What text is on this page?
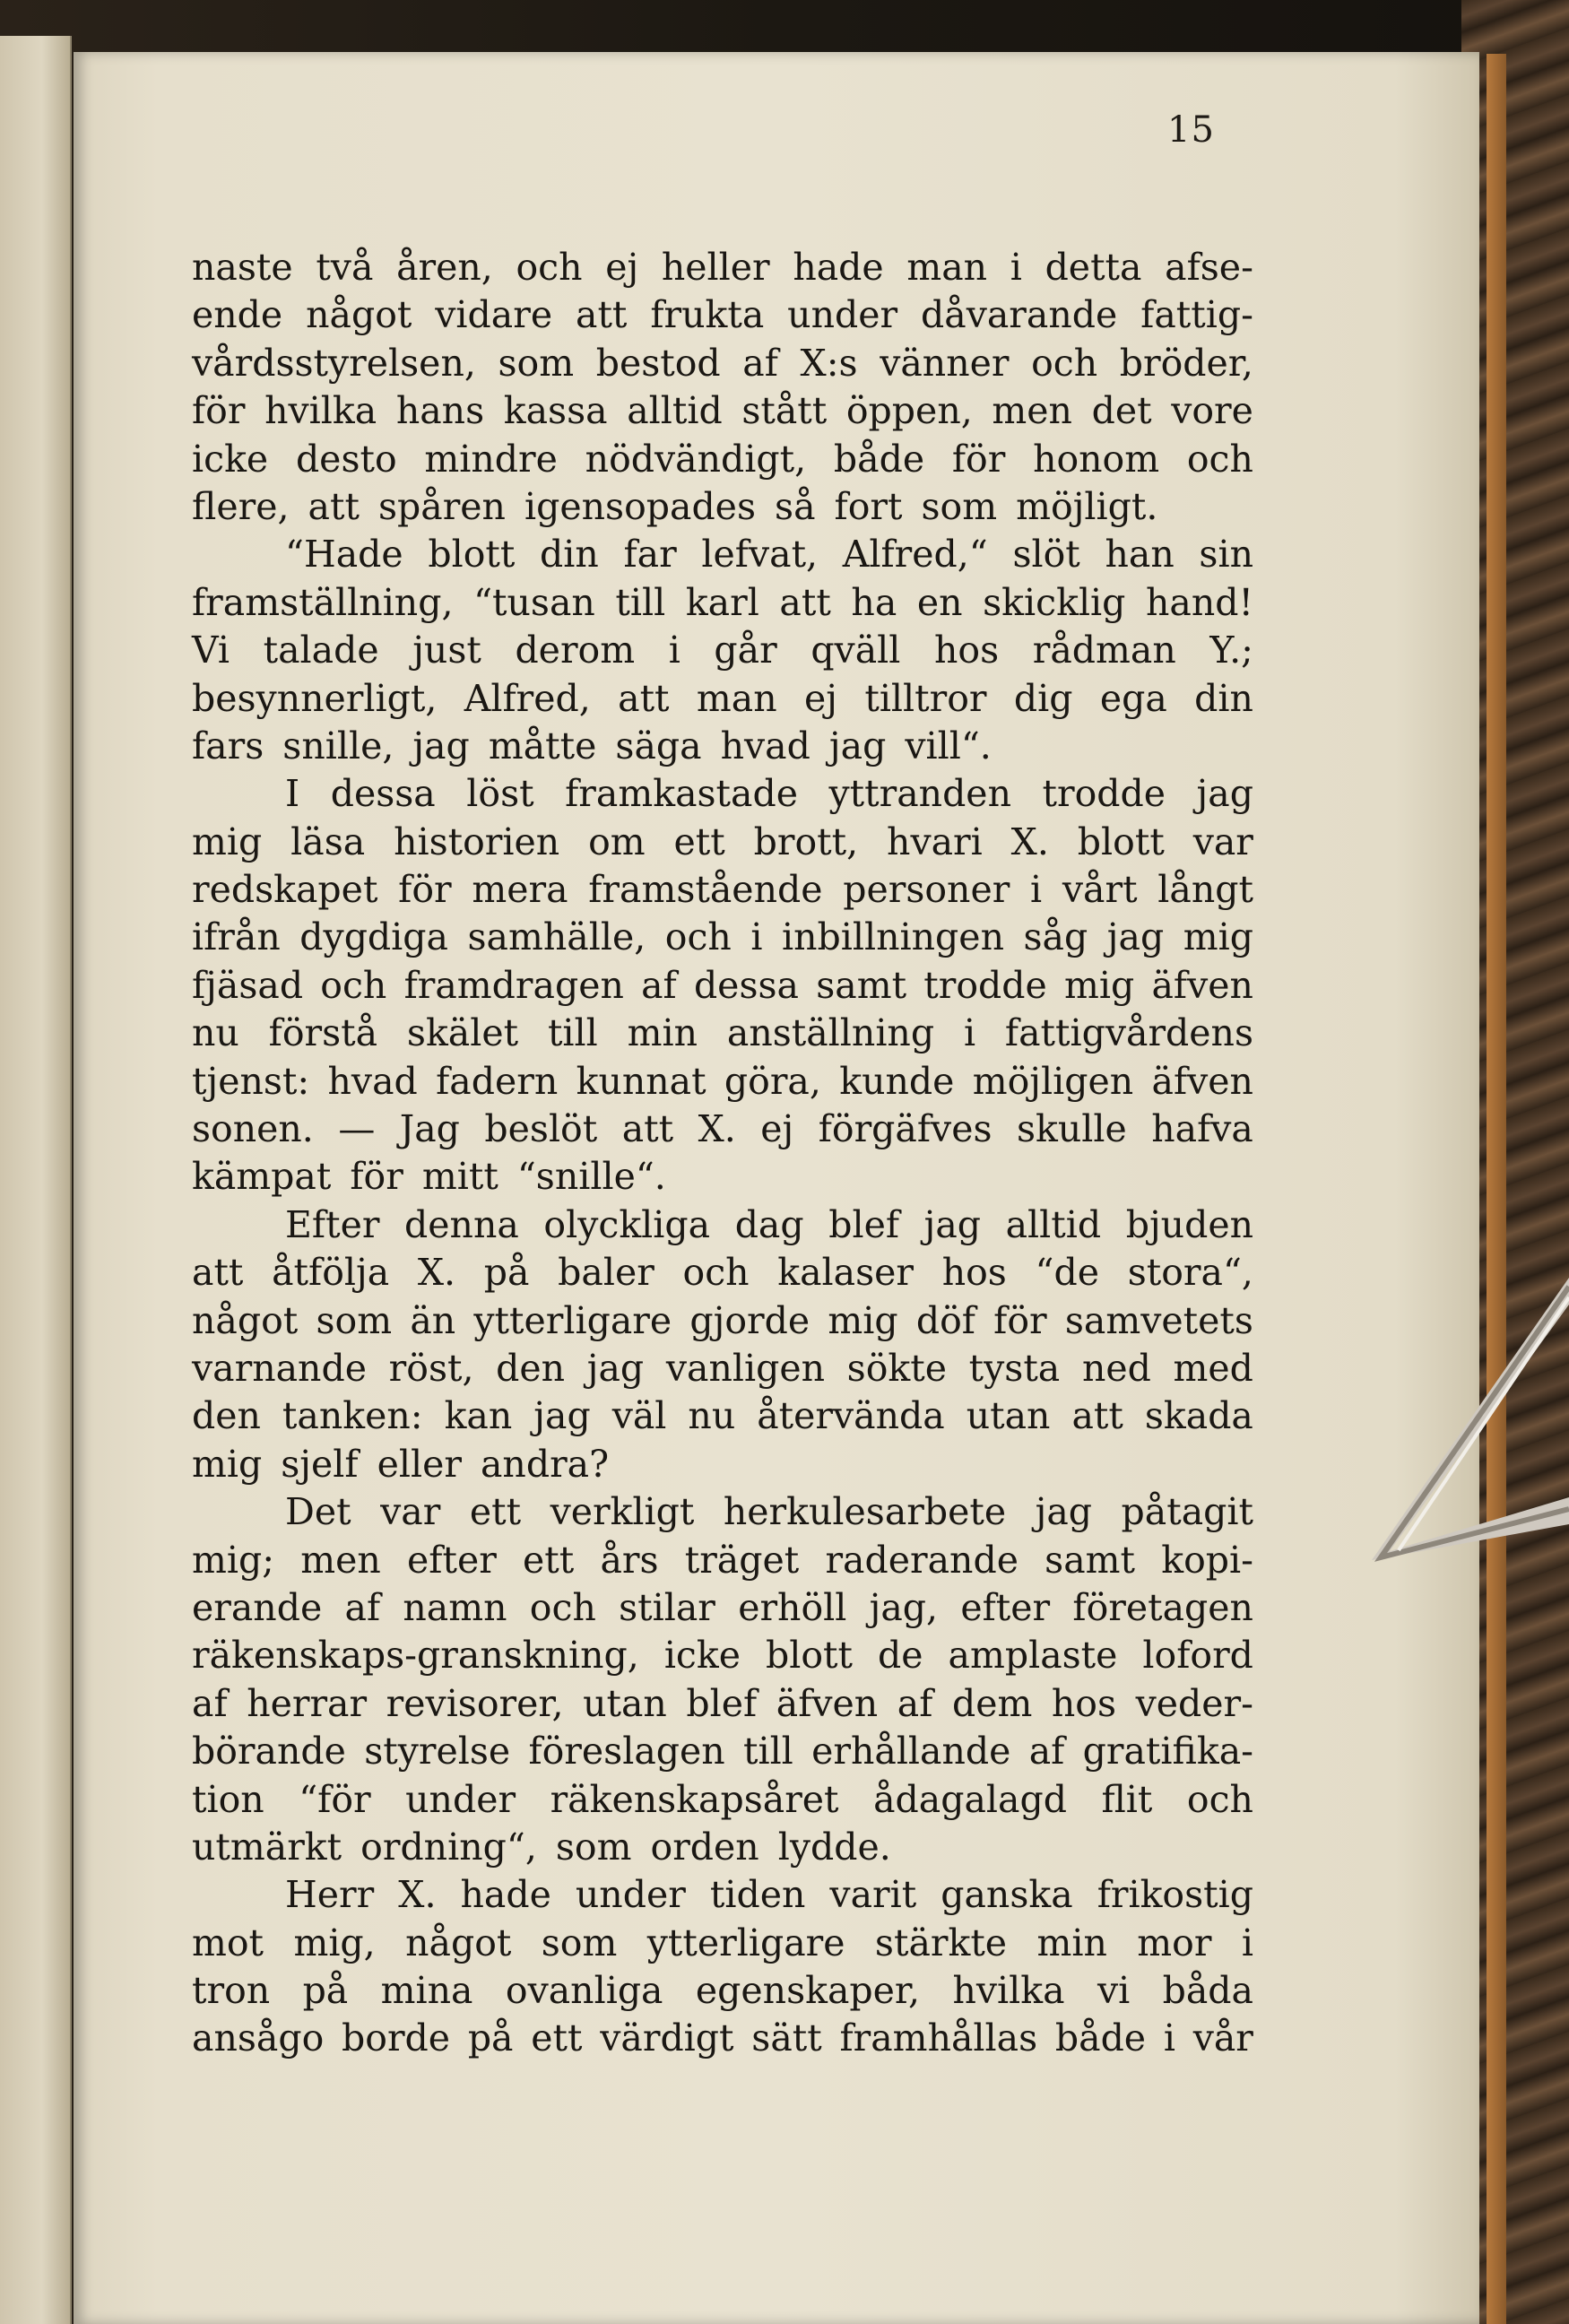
15
naste två åren, och ej heller hade man i detta afse-
ende något vidare att frukta under dåvarande fattig-
vårdsstyrelsen, som bestod af X:s vänner och bröder,
för hvilka hans kassa alltid stått öppen, men det vore
icke desto mindre nödvändigt, både för honom och
flere, att spåren igensopades så fort som möjligt.
“Hade blott din far lefvat, Alfred,“ slöt han sin
framställning, “tusan till karl att ha en skicklig hand!
Vi talade just derom i går qväll hos rådman Y.;
besynnerligt, Alfred, att man ej tilltror dig ega din
fars snille, jag måtte säga hvad jag vill“.
I dessa löst framkastade yttranden trodde jag
mig läsa historien om ett brott, hvari X. blott var
redskapet för mera framstående personer i vårt långt
ifrån dygdiga samhälle, och i inbillningen såg jag mig
fjäsad och framdragen af dessa samt trodde mig äfven
nu förstå skälet till min anställning i fattigvårdens
tjenst: hvad fadern kunnat göra, kunde möjligen äfven
sonen. — Jag beslöt att X. ej förgäfves skulle hafva
kämpat för mitt “snille“.
Efter denna olyckliga dag blef jag alltid bjuden
att åtfölja X. på baler och kalaser hos “de stora“,
något som än ytterligare gjorde mig döf för samvetets
varnande röst, den jag vanligen sökte tysta ned med
den tanken: kan jag väl nu återvända utan att skada
mig sjelf eller andra?
Det var ett verkligt herkulesarbete jag påtagit
mig; men efter ett års träget raderande samt kopi-
erande af namn och stilar erhöll jag, efter företagen
räkenskaps-granskning, icke blott de amplaste loford
af herrar revisorer, utan blef äfven af dem hos veder-
börande styrelse föreslagen till erhållande af gratifika-
tion “för under räkenskapsåret ådagalagd flit och
utmärkt ordning“, som orden lydde.
Herr X. hade under tiden varit ganska frikostig
mot mig, något som ytterligare stärkte min mor i
tron på mina ovanliga egenskaper, hvilka vi båda
ansågo borde på ett värdigt sätt framhållas både i vår
